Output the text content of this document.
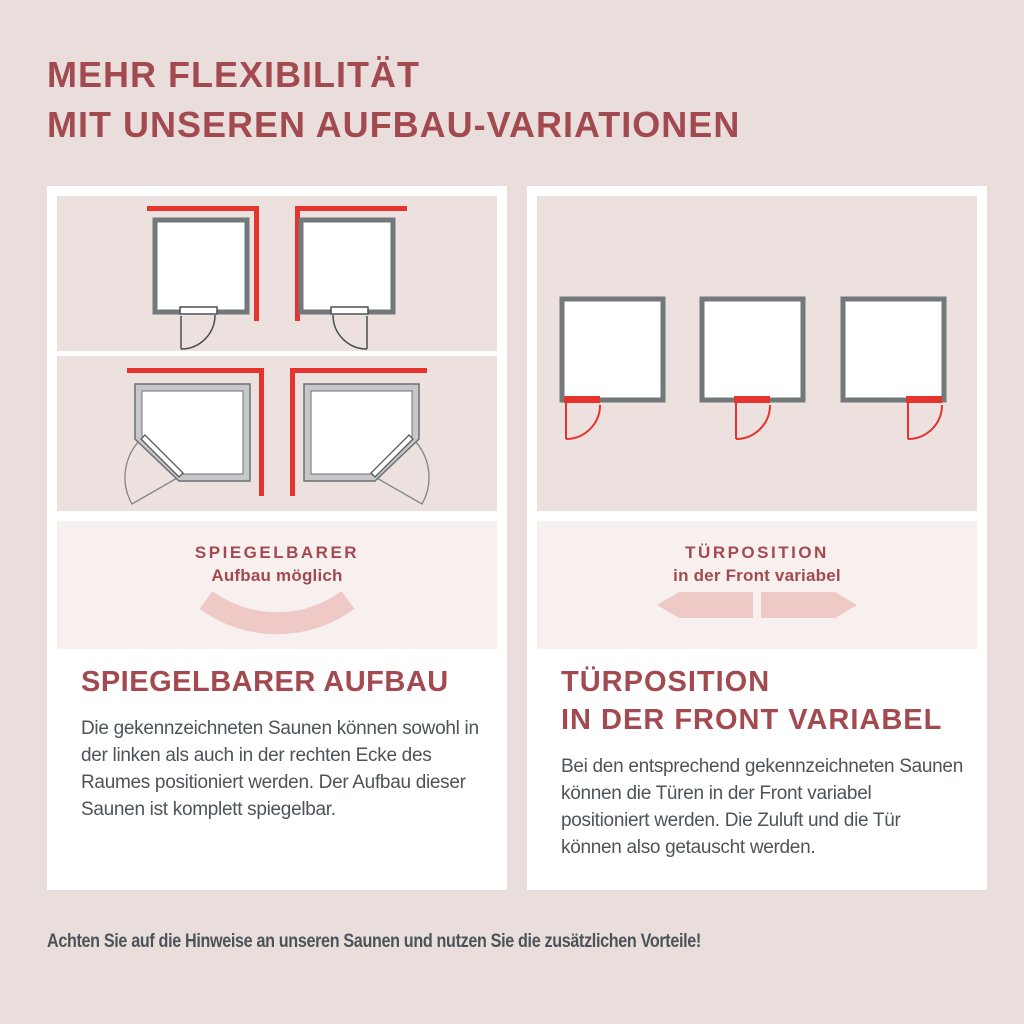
MEHR FLEXIBILITÄT
MIT UNSEREN AUFBAU-VARIATIONEN
SPIEGELBARER
Aufbau möglich
SPIEGELBARER AUFBAU

Die gekennzeichneten Saunen können sowohl in der linken als auch in der rechten Ecke des Raumes positioniert werden. Der Aufbau dieser Saunen ist komplett spiegelbar.

TÜRPOSITION
in der Front variabel
TÜRPOSITION
IN DER FRONT VARIABEL

Bei den entsprechend gekennzeichneten Saunen können die Türen in der Front variabel positioniert werden. Die Zuluft und die Tür können also getauscht werden.

Achten Sie auf die Hinweise an unseren Saunen und nutzen Sie die zusätzlichen Vorteile!
